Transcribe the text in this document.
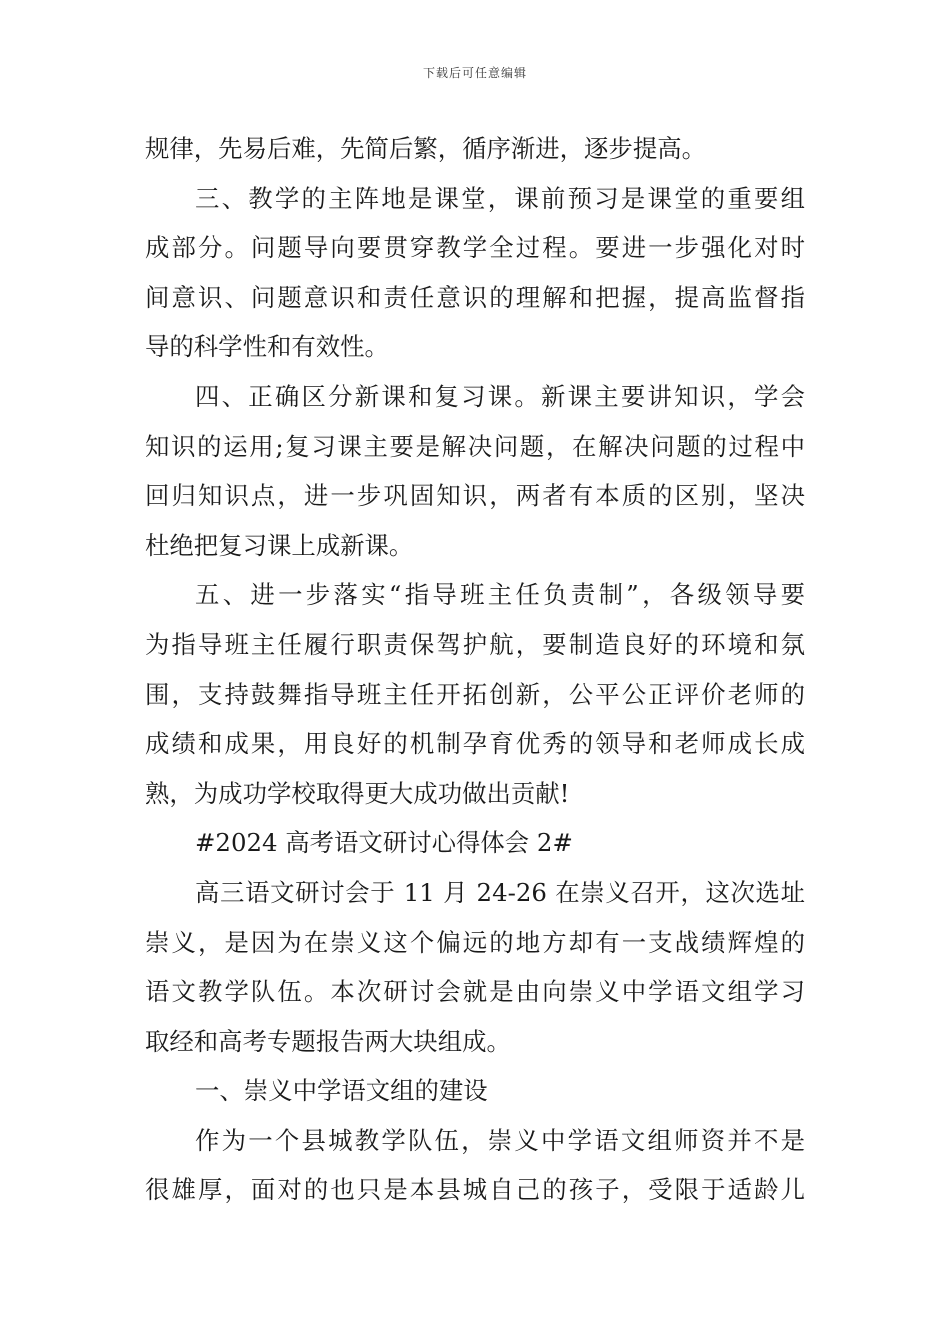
下载后可任意编辑
规律，先易后难，先简后繁，循序渐进，逐步提高。
三、教学的主阵地是课堂，课前预习是课堂的重要组
成部分。问题导向要贯穿教学全过程。要进一步强化对时
间意识、问题意识和责任意识的理解和把握，提高监督指
导的科学性和有效性。
四、正确区分新课和复习课。新课主要讲知识，学会
知识的运用;复习课主要是解决问题，在解决问题的过程中
回归知识点，进一步巩固知识，两者有本质的区别，坚决
杜绝把复习课上成新课。
五、进一步落实“指导班主任负责制”，各级领导要
为指导班主任履行职责保驾护航，要制造良好的环境和氛
围，支持鼓舞指导班主任开拓创新，公平公正评价老师的
成绩和成果，用良好的机制孕育优秀的领导和老师成长成
熟，为成功学校取得更大成功做出贡献!
#2024 高考语文研讨心得体会 2#
高三语文研讨会于 11 月 24-26 在崇义召开，这次选址
崇义，是因为在崇义这个偏远的地方却有一支战绩辉煌的
语文教学队伍。本次研讨会就是由向崇义中学语文组学习
取经和高考专题报告两大块组成。
一、崇义中学语文组的建设
作为一个县城教学队伍，崇义中学语文组师资并不是
很雄厚，面对的也只是本县城自己的孩子，受限于适龄儿
